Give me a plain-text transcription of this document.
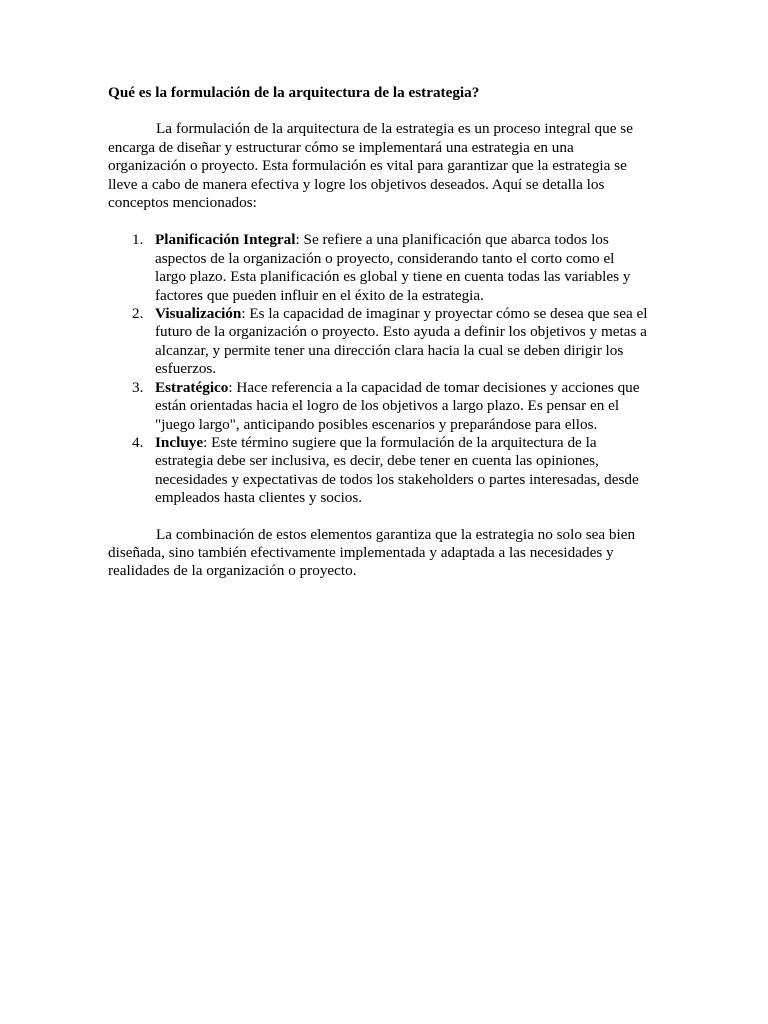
Qué es la formulación de la arquitectura de la estrategia?

La formulación de la arquitectura de la estrategia es un proceso integral que se encarga de diseñar y estructurar cómo se implementará una estrategia en una organización o proyecto. Esta formulación es vital para garantizar que la estrategia se lleve a cabo de manera efectiva y logre los objetivos deseados. Aquí se detalla los conceptos mencionados:

1. Planificación Integral: Se refiere a una planificación que abarca todos los aspectos de la organización o proyecto, considerando tanto el corto como el largo plazo. Esta planificación es global y tiene en cuenta todas las variables y factores que pueden influir en el éxito de la estrategia.
2. Visualización: Es la capacidad de imaginar y proyectar cómo se desea que sea el futuro de la organización o proyecto. Esto ayuda a definir los objetivos y metas a alcanzar, y permite tener una dirección clara hacia la cual se deben dirigir los esfuerzos.
3. Estratégico: Hace referencia a la capacidad de tomar decisiones y acciones que están orientadas hacia el logro de los objetivos a largo plazo. Es pensar en el "juego largo", anticipando posibles escenarios y preparándose para ellos.
4. Incluye: Este término sugiere que la formulación de la arquitectura de la estrategia debe ser inclusiva, es decir, debe tener en cuenta las opiniones, necesidades y expectativas de todos los stakeholders o partes interesadas, desde empleados hasta clientes y socios.

La combinación de estos elementos garantiza que la estrategia no solo sea bien diseñada, sino también efectivamente implementada y adaptada a las necesidades y realidades de la organización o proyecto.
